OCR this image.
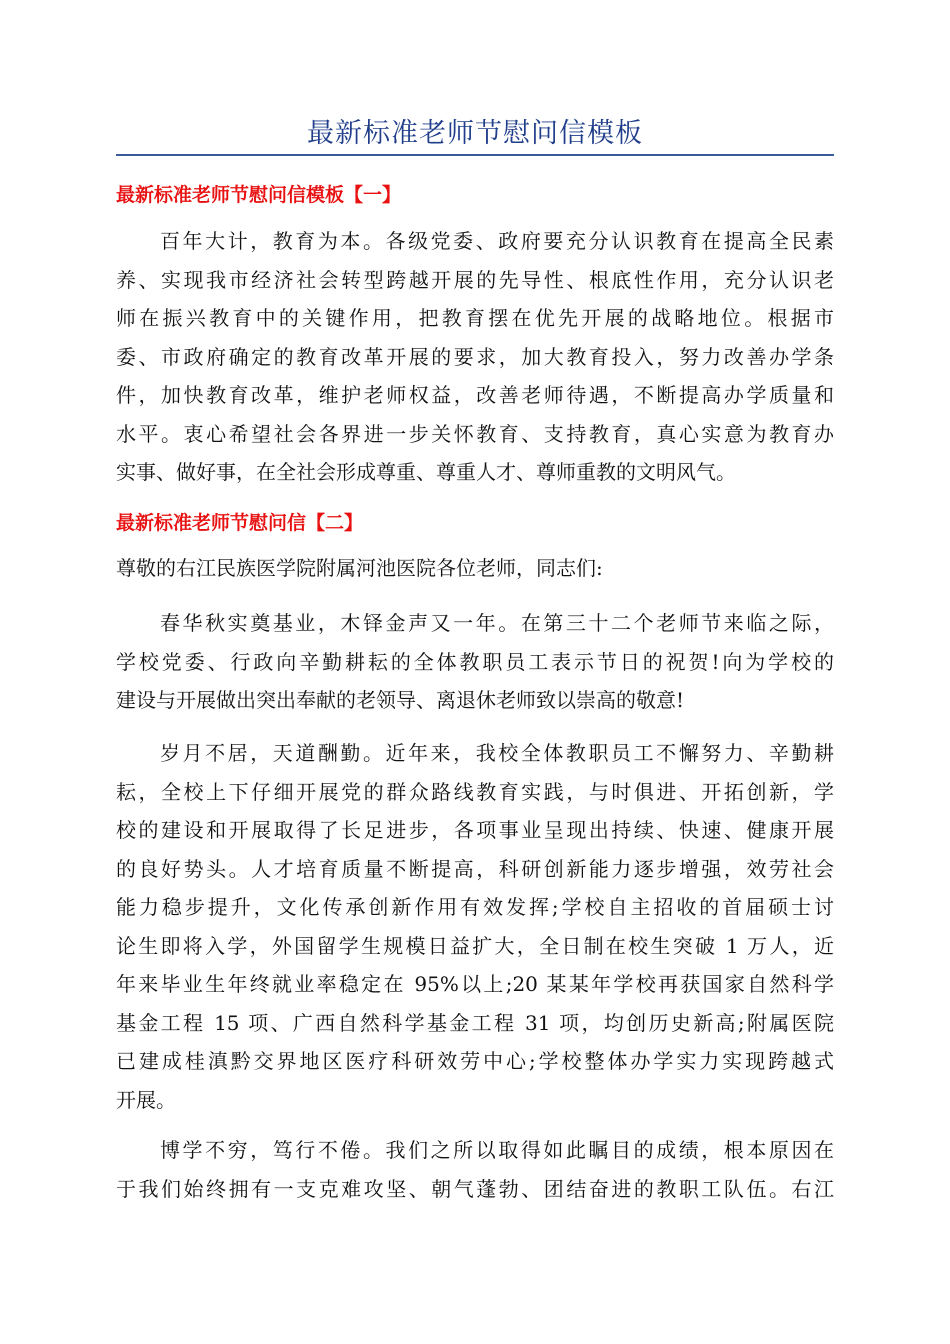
最新标准老师节慰问信模板
最新标准老师节慰问信模板【一】
百年大计，教育为本。各级党委、政府要充分认识教育在提高全民素
养、实现我市经济社会转型跨越开展的先导性、根底性作用，充分认识老
师在振兴教育中的关键作用，把教育摆在优先开展的战略地位。根据市
委、市政府确定的教育改革开展的要求，加大教育投入，努力改善办学条
件，加快教育改革，维护老师权益，改善老师待遇，不断提高办学质量和
水平。衷心希望社会各界进一步关怀教育、支持教育，真心实意为教育办
实事、做好事，在全社会形成尊重、尊重人才、尊师重教的文明风气。
最新标准老师节慰问信【二】
尊敬的右江民族医学院附属河池医院各位老师，同志们:
春华秋实奠基业，木铎金声又一年。在第三十二个老师节来临之际，
学校党委、行政向辛勤耕耘的全体教职员工表示节日的祝贺!向为学校的
建设与开展做出突出奉献的老领导、离退休老师致以崇高的敬意!
岁月不居，天道酬勤。近年来，我校全体教职员工不懈努力、辛勤耕
耘，全校上下仔细开展党的群众路线教育实践，与时俱进、开拓创新，学
校的建设和开展取得了长足进步，各项事业呈现出持续、快速、健康开展
的良好势头。人才培育质量不断提高，科研创新能力逐步增强，效劳社会
能力稳步提升，文化传承创新作用有效发挥;学校自主招收的首届硕士讨
论生即将入学，外国留学生规模日益扩大，全日制在校生突破 1 万人，近
年来毕业生年终就业率稳定在 95%以上;20 某某年学校再获国家自然科学
基金工程 15 项、广西自然科学基金工程 31 项，均创历史新高;附属医院
已建成桂滇黔交界地区医疗科研效劳中心;学校整体办学实力实现跨越式
开展。
博学不穷，笃行不倦。我们之所以取得如此瞩目的成绩，根本原因在
于我们始终拥有一支克难攻坚、朝气蓬勃、团结奋进的教职工队伍。右江
